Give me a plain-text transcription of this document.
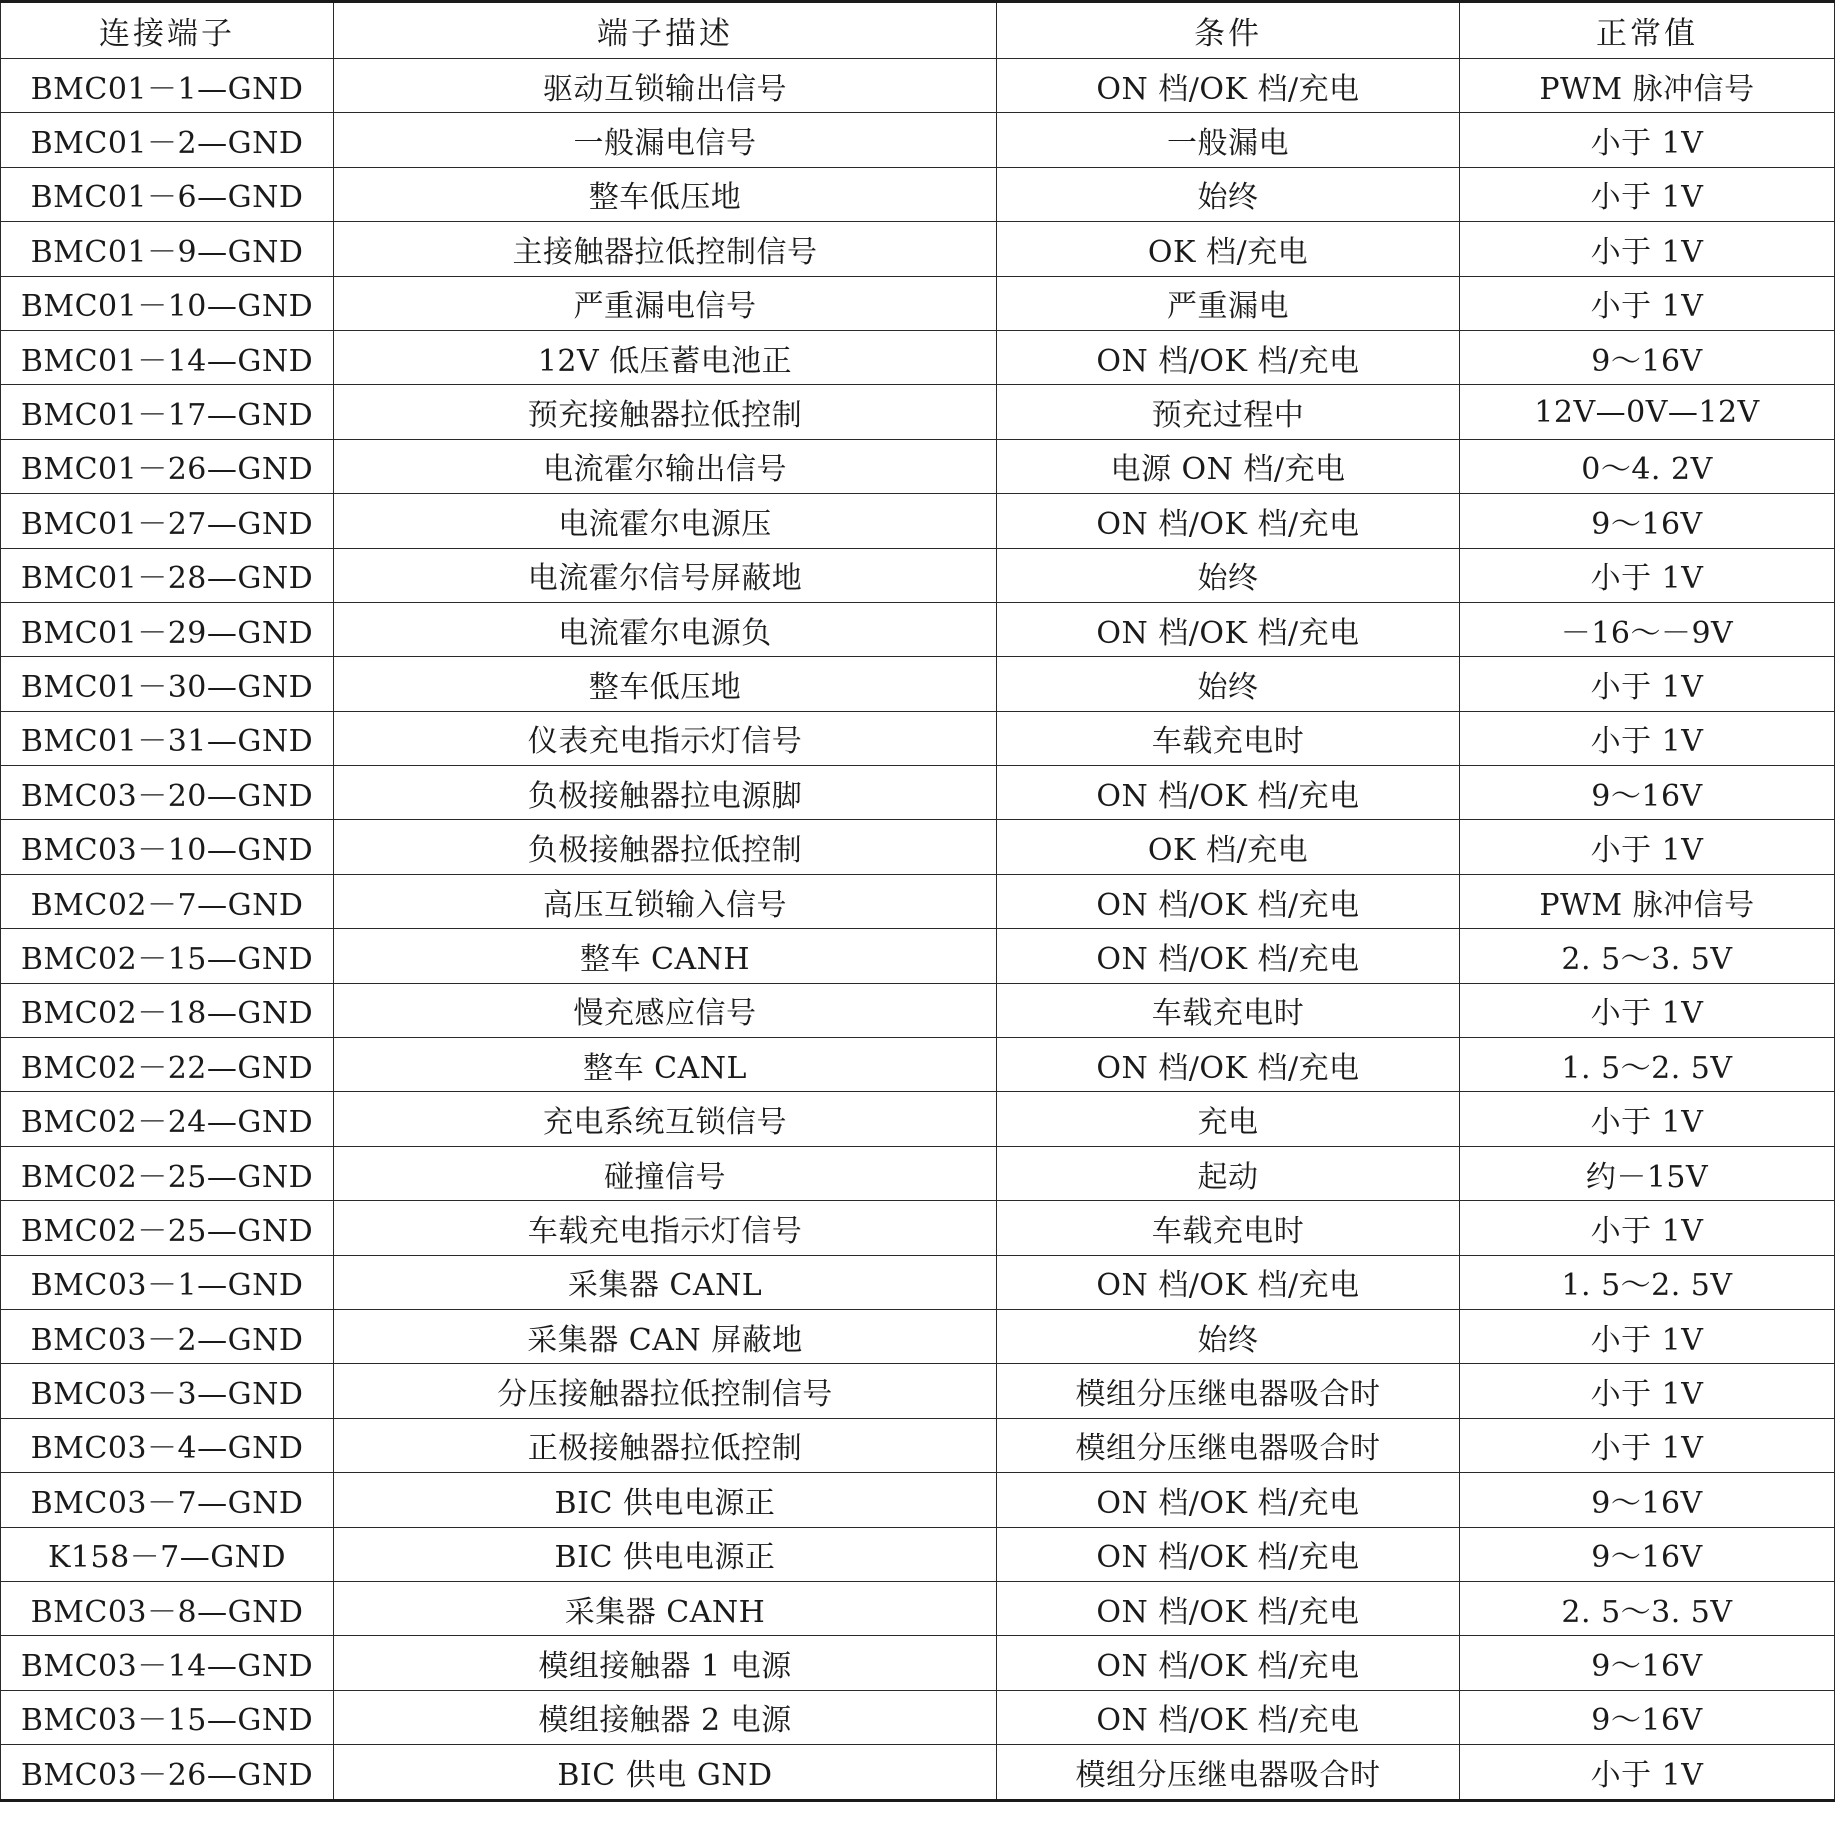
连接端子	端子描述	条件	正常值
BMC01－1—GND	驱动互锁输出信号	ON 档/OK 档/充电	PWM 脉冲信号
BMC01－2—GND	一般漏电信号	一般漏电	小于 1V
BMC01－6—GND	整车低压地	始终	小于 1V
BMC01－9—GND	主接触器拉低控制信号	OK 档/充电	小于 1V
BMC01－10—GND	严重漏电信号	严重漏电	小于 1V
BMC01－14—GND	12V 低压蓄电池正	ON 档/OK 档/充电	9～16V
BMC01－17—GND	预充接触器拉低控制	预充过程中	12V—0V—12V
BMC01－26—GND	电流霍尔输出信号	电源 ON 档/充电	0～4. 2V
BMC01－27—GND	电流霍尔电源压	ON 档/OK 档/充电	9～16V
BMC01－28—GND	电流霍尔信号屏蔽地	始终	小于 1V
BMC01－29—GND	电流霍尔电源负	ON 档/OK 档/充电	－16～－9V
BMC01－30—GND	整车低压地	始终	小于 1V
BMC01－31—GND	仪表充电指示灯信号	车载充电时	小于 1V
BMC03－20—GND	负极接触器拉电源脚	ON 档/OK 档/充电	9～16V
BMC03－10—GND	负极接触器拉低控制	OK 档/充电	小于 1V
BMC02－7—GND	高压互锁输入信号	ON 档/OK 档/充电	PWM 脉冲信号
BMC02－15—GND	整车 CANH	ON 档/OK 档/充电	2. 5～3. 5V
BMC02－18—GND	慢充感应信号	车载充电时	小于 1V
BMC02－22—GND	整车 CANL	ON 档/OK 档/充电	1. 5～2. 5V
BMC02－24—GND	充电系统互锁信号	充电	小于 1V
BMC02－25—GND	碰撞信号	起动	约－15V
BMC02－25—GND	车载充电指示灯信号	车载充电时	小于 1V
BMC03－1—GND	采集器 CANL	ON 档/OK 档/充电	1. 5～2. 5V
BMC03－2—GND	采集器 CAN 屏蔽地	始终	小于 1V
BMC03－3—GND	分压接触器拉低控制信号	模组分压继电器吸合时	小于 1V
BMC03－4—GND	正极接触器拉低控制	模组分压继电器吸合时	小于 1V
BMC03－7—GND	BIC 供电电源正	ON 档/OK 档/充电	9～16V
K158－7—GND	BIC 供电电源正	ON 档/OK 档/充电	9～16V
BMC03－8—GND	采集器 CANH	ON 档/OK 档/充电	2. 5～3. 5V
BMC03－14—GND	模组接触器 1 电源	ON 档/OK 档/充电	9～16V
BMC03－15—GND	模组接触器 2 电源	ON 档/OK 档/充电	9～16V
BMC03－26—GND	BIC 供电 GND	模组分压继电器吸合时	小于 1V
